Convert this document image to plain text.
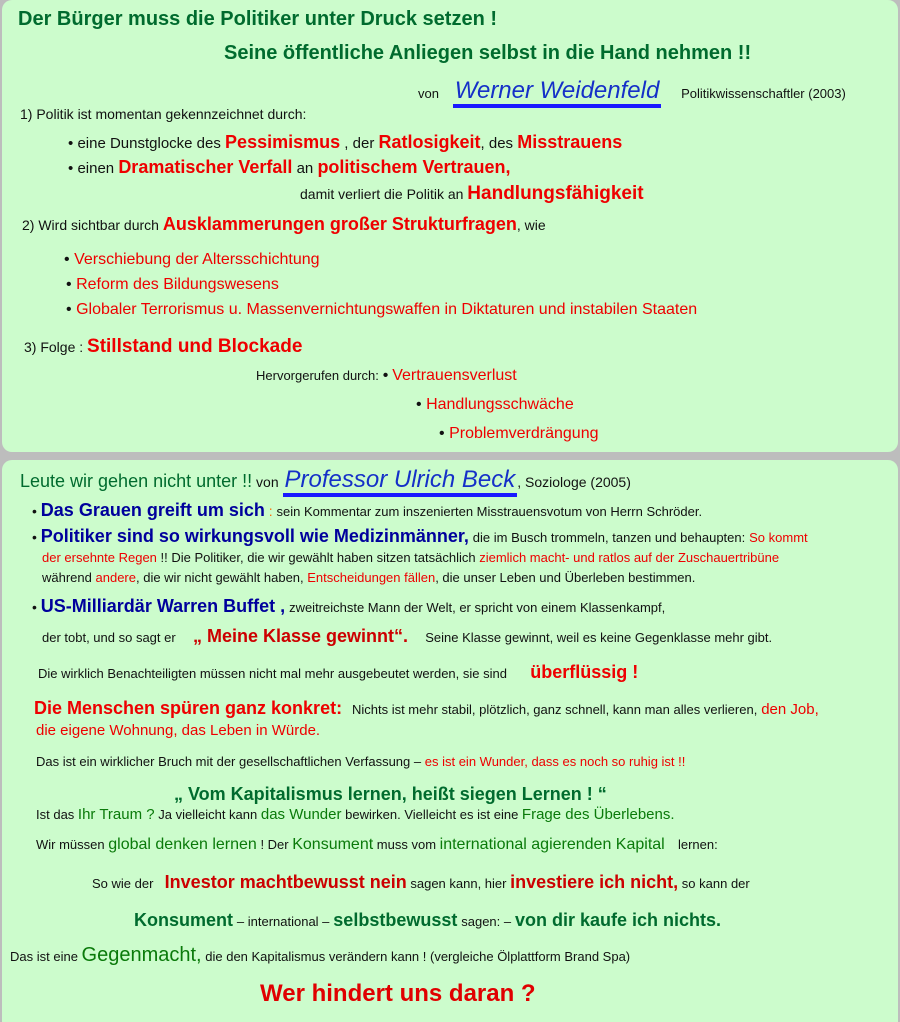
Der Bürger muss die Politiker unter Druck setzen !
Seine öffentliche Anliegen selbst in die Hand nehmen !!
von Werner Weidenfeld Politikwissenschaftler (2003)
1) Politik ist momentan gekennzeichnet durch:
• eine Dunstglocke des Pessimismus , der Ratlosigkeit, des Misstrauens
• einen Dramatischer Verfall an politischem Vertrauen,
damit verliert die Politik an Handlungsfähigkeit
2) Wird sichtbar durch Ausklammerungen großer Strukturfragen, wie
• Verschiebung der Altersschichtung
• Reform des Bildungswesens
• Globaler Terrorismus u. Massenvernichtungswaffen in Diktaturen und instabilen Staaten
3) Folge : Stillstand und Blockade
Hervorgerufen durch: • Vertrauensverlust
• Handlungsschwäche
• Problemverdrängung
Leute wir gehen nicht unter !! von Professor Ulrich Beck , Soziologe (2005)
• Das Grauen greift um sich : sein Kommentar zum inszenierten Misstrauensvotum von Herrn Schröder.
• Politiker sind so wirkungsvoll wie Medizinmänner, die im Busch trommeln, tanzen und behaupten: So kommt
der ersehnte Regen !! Die Politiker, die wir gewählt haben sitzen tatsächlich ziemlich macht- und ratlos auf der Zuschauertribüne
während andere, die wir nicht gewählt haben, Entscheidungen fällen, die unser Leben und Überleben bestimmen.
• US-Milliardär Warren Buffet , zweitreichste Mann der Welt, er spricht von einem Klassenkampf,
der tobt, und so sagt er „ Meine Klasse gewinnt“. Seine Klasse gewinnt, weil es keine Gegenklasse mehr gibt.
Die wirklich Benachteiligten müssen nicht mal mehr ausgebeutet werden, sie sind überflüssig !
Die Menschen spüren ganz konkret: Nichts ist mehr stabil, plötzlich, ganz schnell, kann man alles verlieren, den Job,
die eigene Wohnung, das Leben in Würde.
Das ist ein wirklicher Bruch mit der gesellschaftlichen Verfassung – es ist ein Wunder, dass es noch so ruhig ist !!
„ Vom Kapitalismus lernen, heißt siegen Lernen ! “
Ist das Ihr Traum ? Ja vielleicht kann das Wunder bewirken. Vielleicht es ist eine Frage des Überlebens.
Wir müssen global denken lernen ! Der Konsument muss vom international agierenden Kapital lernen:
So wie der Investor machtbewusst nein sagen kann, hier investiere ich nicht, so kann der
Konsument – international – selbstbewusst sagen: – von dir kaufe ich nichts.
Das ist eine Gegenmacht, die den Kapitalismus verändern kann ! (vergleiche Ölplattform Brand Spa)
Wer hindert uns daran ?
